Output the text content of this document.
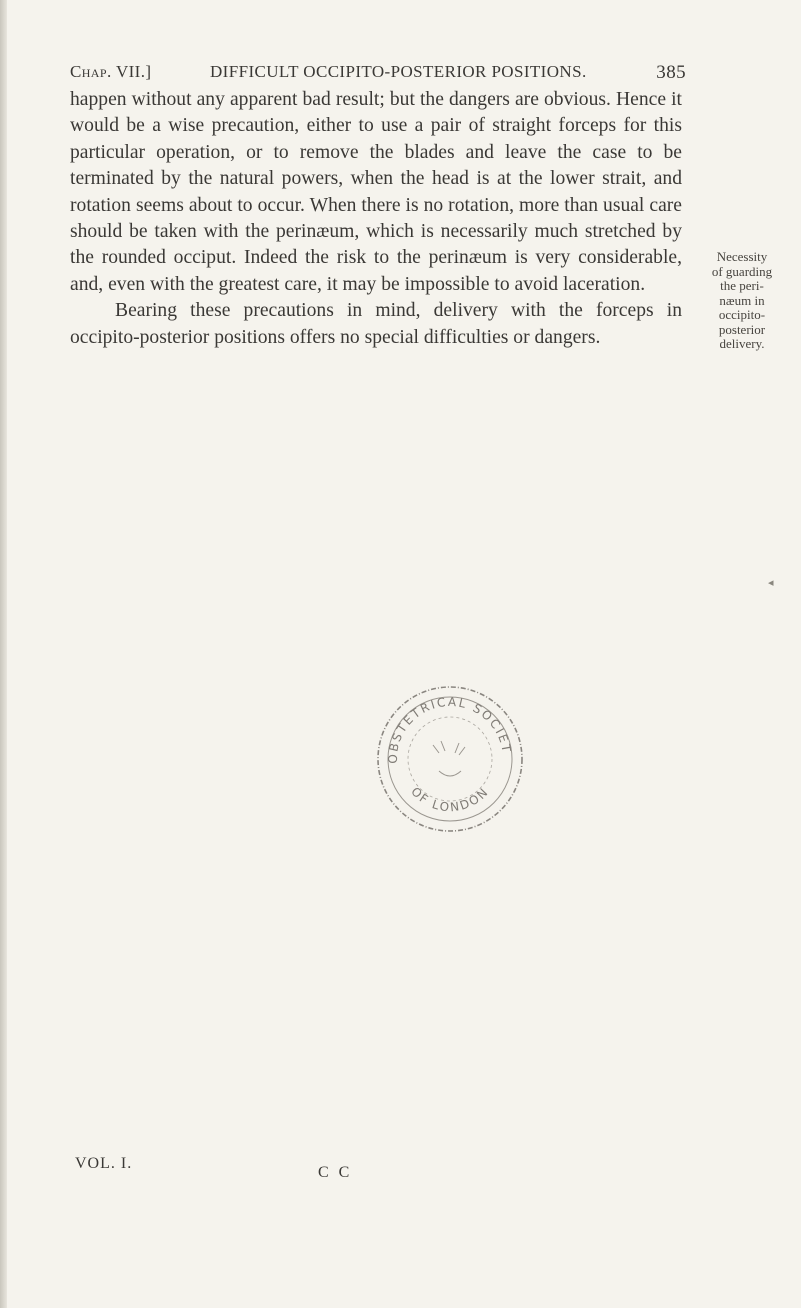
Chap. VII.]	DIFFICULT OCCIPITO-POSTERIOR POSITIONS.	385

happen without any apparent bad result; but the dangers are obvious. Hence it would be a wise precaution, either to use a pair of straight forceps for this particular operation, or to remove the blades and leave the case to be terminated by the natural powers, when the head is at the lower strait, and rotation seems about to occur. When there is no rotation, more than usual care should be taken with the perinæum, which is necessarily much stretched by the rounded occiput. Indeed the risk to the perinæum is very considerable, and, even with the greatest care, it may be impossible to avoid laceration.

Bearing these precautions in mind, delivery with the forceps in occipito-posterior positions offers no special difficulties or dangers.

Necessity
of guarding
the peri-
næum in
occipito-
posterior
delivery.
◂
OBSTETRICAL SOCIET
OF LONDON
VOL. I.
C C
